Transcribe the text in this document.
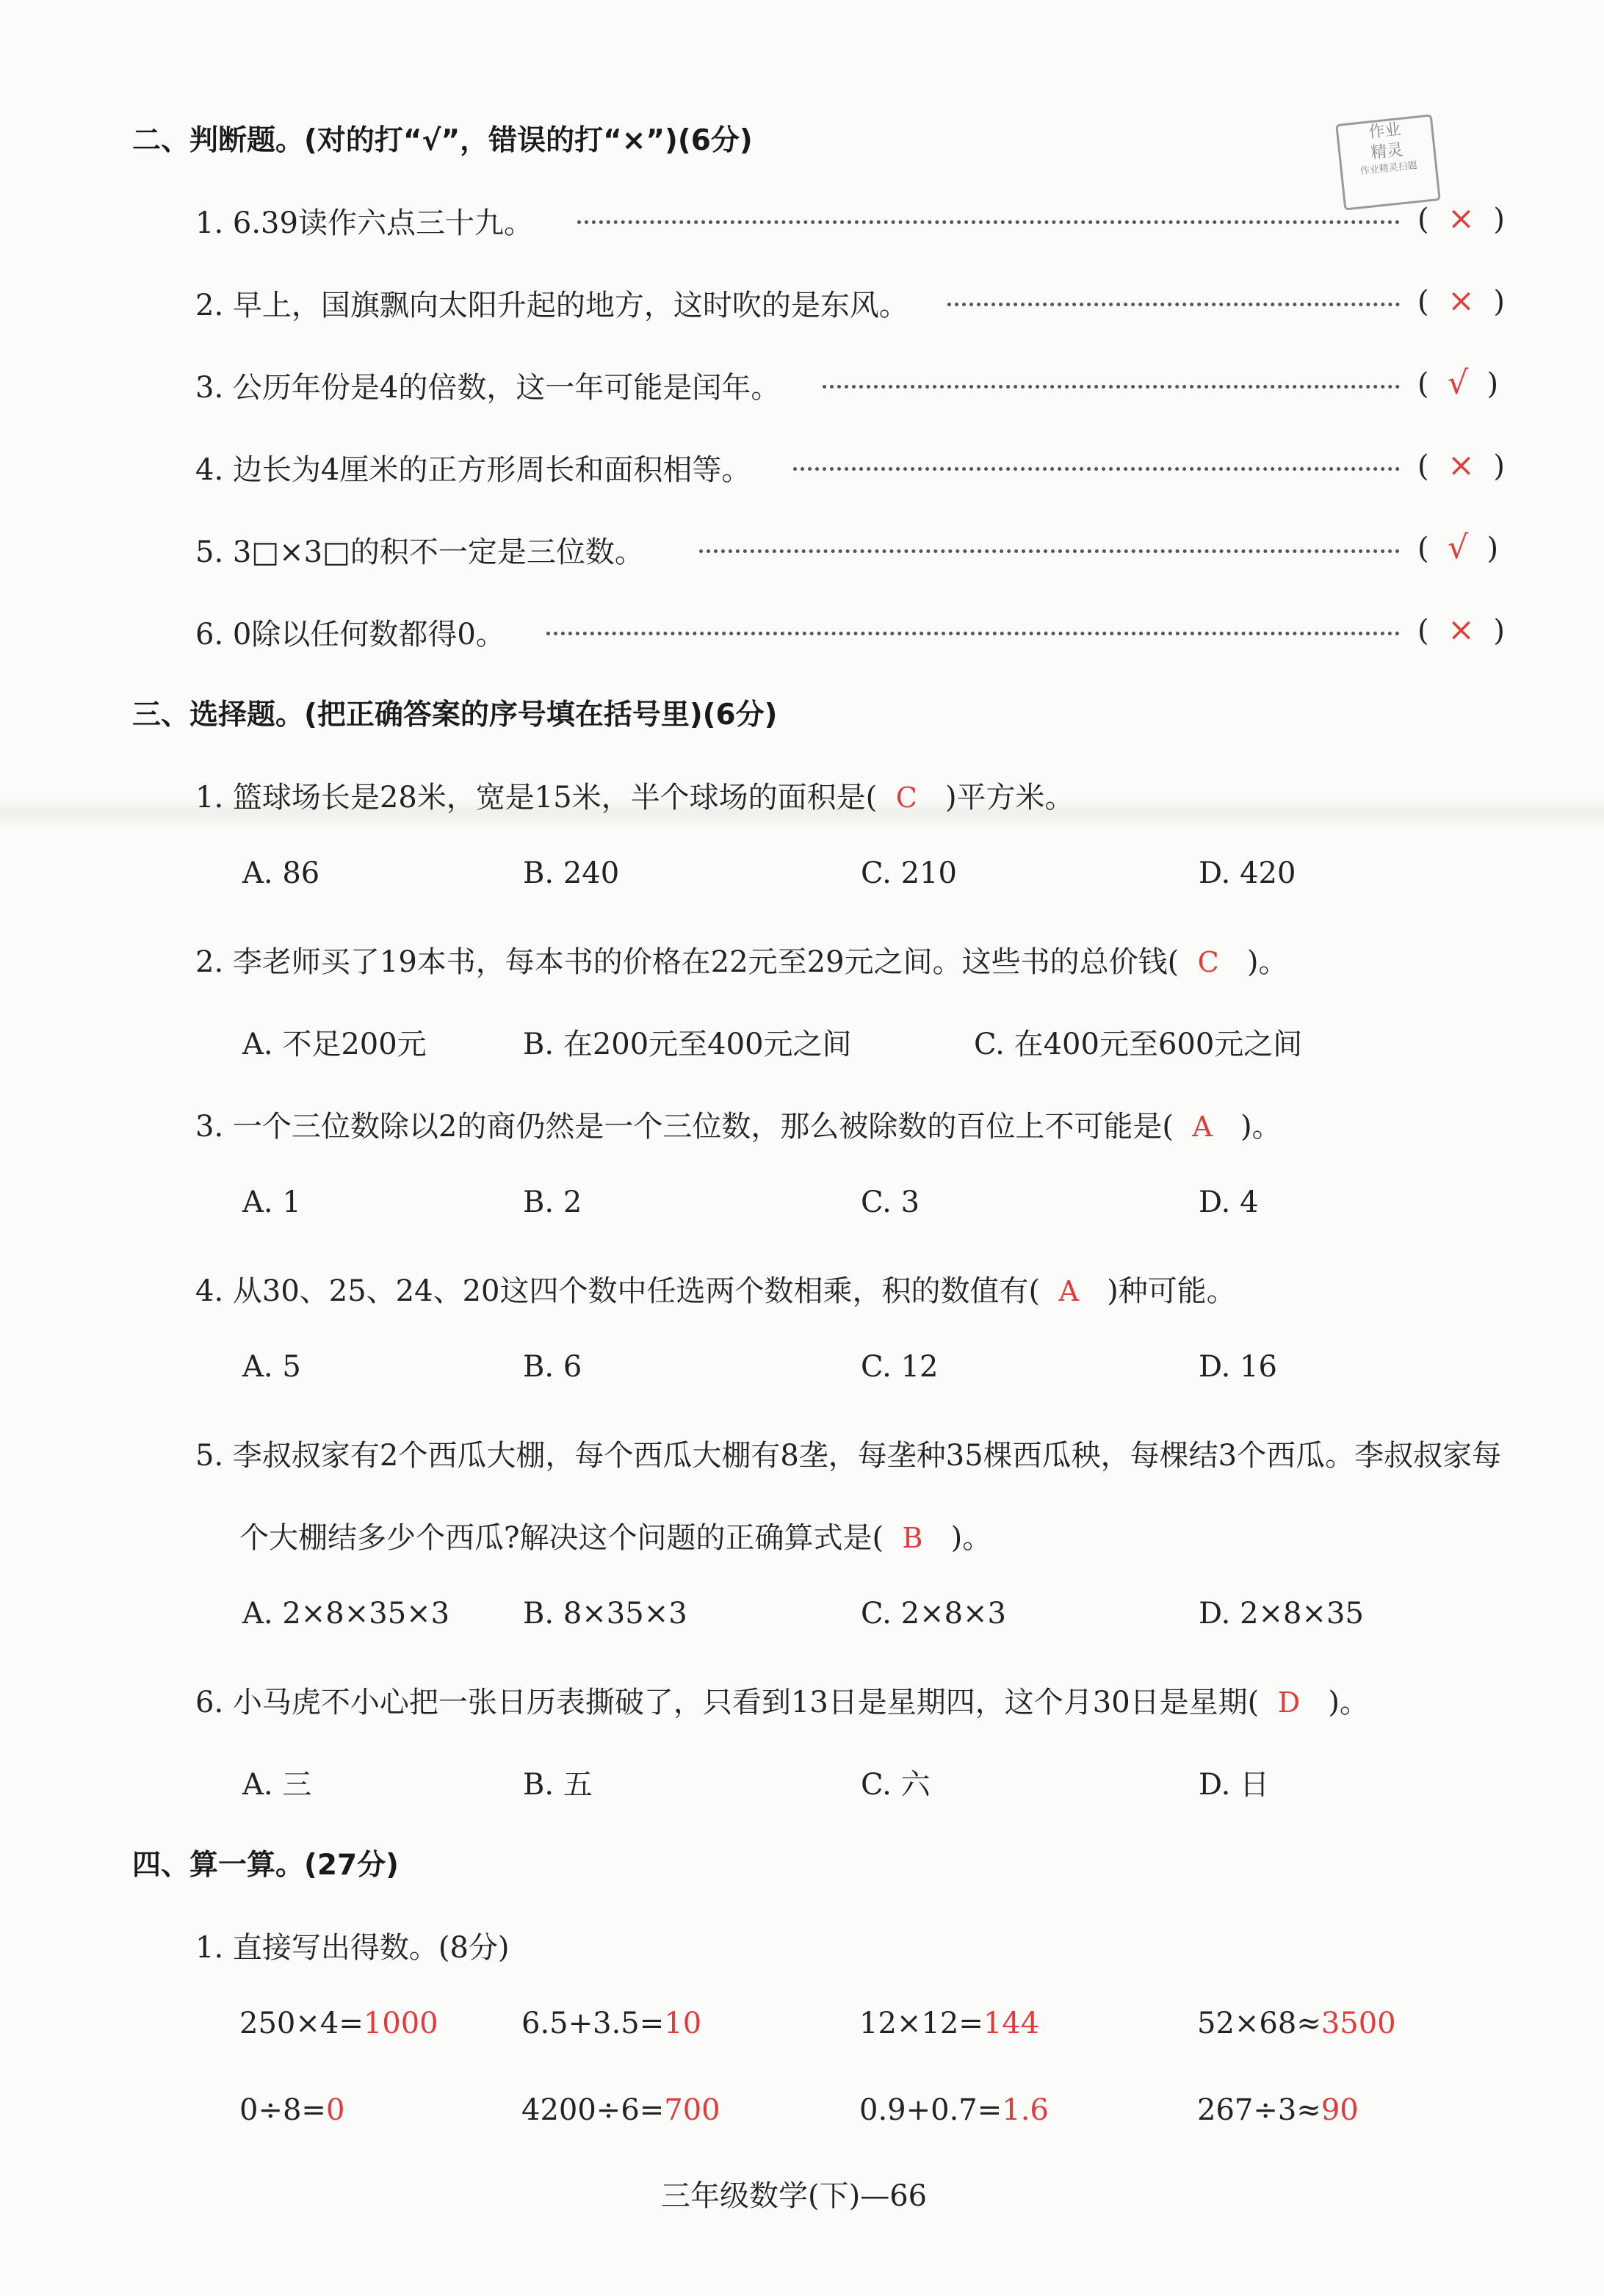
作业
精灵
作业精灵扫题
二、判断题。(对的打“√”，错误的打“×”)(6分)
1. 6.39读作六点三十九。	(  ×  )
2. 早上，国旗飘向太阳升起的地方，这时吹的是东风。	(  ×  )
3. 公历年份是4的倍数，这一年可能是闰年。	(  √  )
4. 边长为4厘米的正方形周长和面积相等。	(  ×  )
5. 3□×3□的积不一定是三位数。	(  √  )
6. 0除以任何数都得0。	(  ×  )
三、选择题。(把正确答案的序号填在括号里)(6分)
1. 篮球场长是28米，宽是15米，半个球场的面积是( C )平方米。
A. 86	B. 240	C. 210	D. 420
2. 李老师买了19本书，每本书的价格在22元至29元之间。这些书的总价钱( C )。
A. 不足200元	B. 在200元至400元之间	C. 在400元至600元之间
3. 一个三位数除以2的商仍然是一个三位数，那么被除数的百位上不可能是( A )。
A. 1	B. 2	C. 3	D. 4
4. 从30、25、24、20这四个数中任选两个数相乘，积的数值有( A )种可能。
A. 5	B. 6	C. 12	D. 16
5. 李叔叔家有2个西瓜大棚，每个西瓜大棚有8垄，每垄种35棵西瓜秧，每棵结3个西瓜。李叔叔家每
个大棚结多少个西瓜?解决这个问题的正确算式是( B )。
A. 2×8×35×3 B. 8×35×3	C. 2×8×3	D. 2×8×35
6. 小马虎不小心把一张日历表撕破了，只看到13日是星期四，这个月30日是星期( D )。
A. 三	B. 五	C. 六	D. 日
四、算一算。(27分)
1. 直接写出得数。(8分)
250×4=1000	6.5+3.5=10	12×12=144	52×68≈3500
0÷8=0	4200÷6=700	0.9+0.7=1.6	267÷3≈90
三年级数学(下)—66
